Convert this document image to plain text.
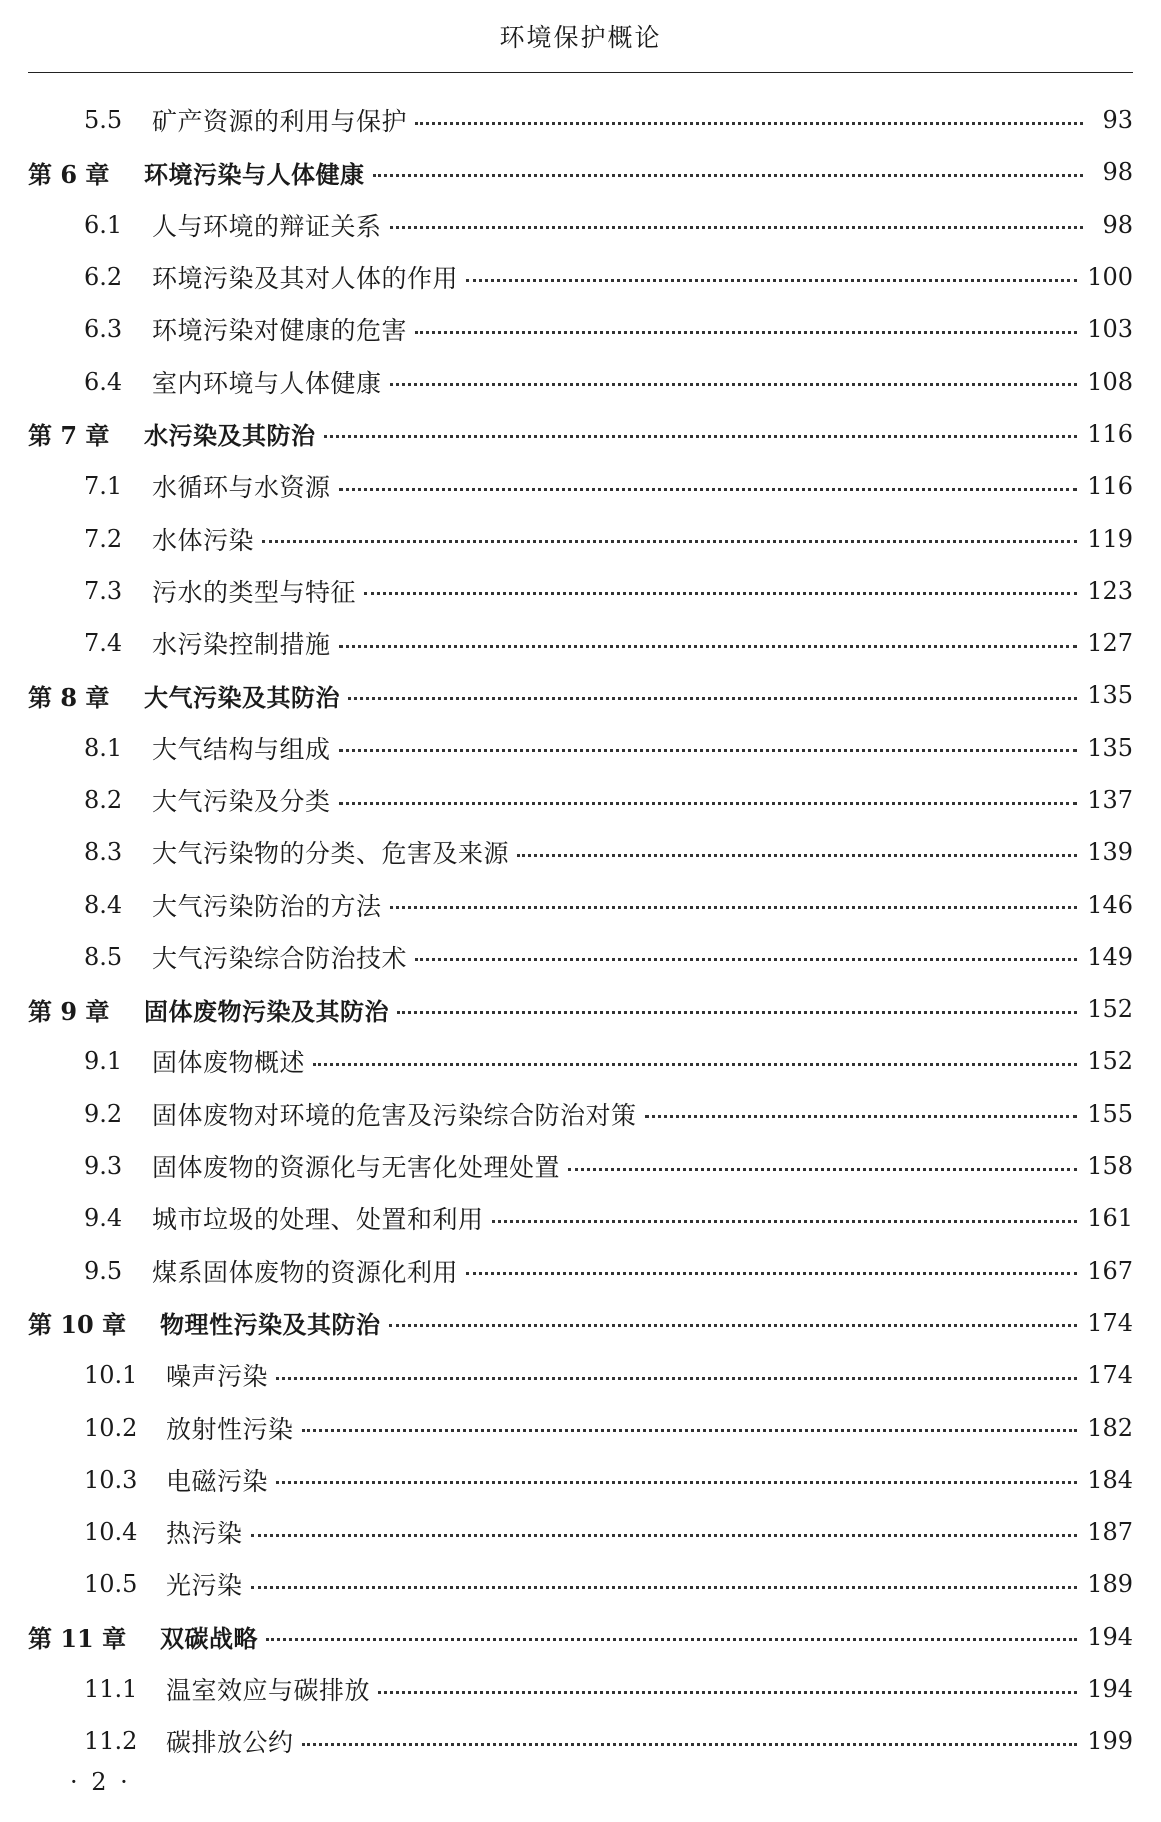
环境保护概论
5.5	矿产资源的利用与保护	93
第 6 章	环境污染与人体健康	98
6.1	人与环境的辩证关系	98
6.2	环境污染及其对人体的作用	100
6.3	环境污染对健康的危害	103
6.4	室内环境与人体健康	108
第 7 章	水污染及其防治	116
7.1	水循环与水资源	116
7.2	水体污染	119
7.3	污水的类型与特征	123
7.4	水污染控制措施	127
第 8 章	大气污染及其防治	135
8.1	大气结构与组成	135
8.2	大气污染及分类	137
8.3	大气污染物的分类、危害及来源	139
8.4	大气污染防治的方法	146
8.5	大气污染综合防治技术	149
第 9 章	固体废物污染及其防治	152
9.1	固体废物概述	152
9.2	固体废物对环境的危害及污染综合防治对策	155
9.3	固体废物的资源化与无害化处理处置	158
9.4	城市垃圾的处理、处置和利用	161
9.5	煤系固体废物的资源化利用	167
第 10 章	物理性污染及其防治	174
10.1	噪声污染	174
10.2	放射性污染	182
10.3	电磁污染	184
10.4	热污染	187
10.5	光污染	189
第 11 章	双碳战略	194
11.1	温室效应与碳排放	194
11.2	碳排放公约	199
· 2 ·
